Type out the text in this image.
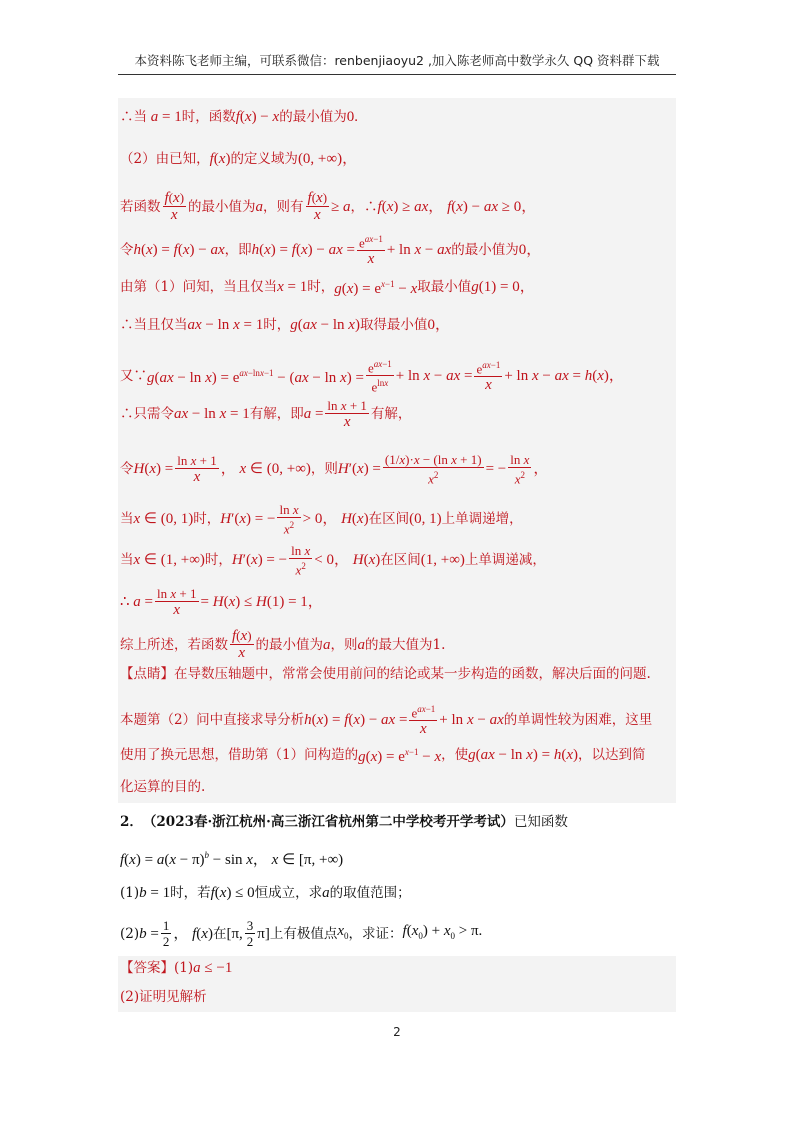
本资料陈飞老师主编，可联系微信：renbenjiaoyu2 ,加入陈老师高中数学永久 QQ 资料群下载
∴当 a = 1 时，函数 f(x) − x 的最小值为 0.
（2）由已知， f(x) 的定义域为 (0, +∞)，
若函数 $\frac{f(x)}{x}$ 的最小值为 a ，则有 $\frac{f(x)}{x} \ge a$ ，∴ f(x) ≥ ax， f(x) − ax ≥ 0，
令 h(x) = f(x) − ax ，即 h(x) = f(x) − ax = $\frac{e^{ax-1}}{x} + \ln x$ − ax 的最小值为 0，
由第（1）问知，当且仅当 x = 1 时， $g(x) = e^{x-1} - x$ 取最小值 g(1) = 0，
∴当且仅当 ax − ln x = 1 时， g(ax − ln x) 取得最小值 0，
又∵ $g(ax - \ln x) = e^{ax-lnx-1} - (ax - \ln x) = \frac{e^{ax-1}}{e^{lnx}} + \ln x$ − ax = $\frac{e^{ax-1}}{x} + \ln x$ − ax = h(x)，
∴只需令 ax − ln x = 1 有解，即 $a = \frac{\text{ln x + 1}}{x}$ 有解，
令 $H(x) = \frac{\text{ln x + 1}}{x}$ ， x ∈ (0, +∞) ，则 $H'(x) = \frac{\text{(1/x)·x − (ln x + 1)}}{x^2}$ = − $\frac{\text{ln x}}{x^2}$ ，
当 x ∈ (0, 1) 时， H′(x) = − $\frac{\text{ln x}}{x^2} > 0$， H(x) 在区间 (0, 1) 上单调递增，
当 x ∈ (1, +∞) 时， H′(x) = − $\frac{\text{ln x}}{x^2} < 0$， H(x) 在区间 (1, +∞) 上单调递减，
∴ $a = \frac{\text{ln x + 1}}{x} = H(x) \le H(1) = 1$，
综上所述，若函数 $\frac{f(x)}{x}$ 的最小值为 a ，则 a 的最大值为1.
【点睛】 在导数压轴题中，常常会使用前问的结论或某一步构造的函数，解决后面的问题.
本题第（2）问中直接求导分析 h(x) = f(x) − ax = $\frac{e^{ax-1}}{x} + \ln x$ − ax 的单调性较为困难，这里
使用了换元思想，借助第（1）问构造的 $g(x) = e^{x-1} - x$ ，使 g(ax − ln x) = h(x) ，以达到简
化运算的目的.
2． （2023春·浙江杭州·高三浙江省杭州第二中学校考开学考试） 已知函数
$f(x) = a(x - \pi)^b - \sin x$， x ∈ [π, +∞)
(1) b = 1 时，若 f(x) ≤ 0 恒成立，求 a 的取值范围；
(2) $b = \frac{1}{2}$ ， f(x) 在 [π, $\frac{3}{2} \pi$] 上有极值点 $x_0$ ，求证： $f(x_0) + x_0 > \pi$.
【答案】 (1) a ≤ −1
(2)证明见解析
2
